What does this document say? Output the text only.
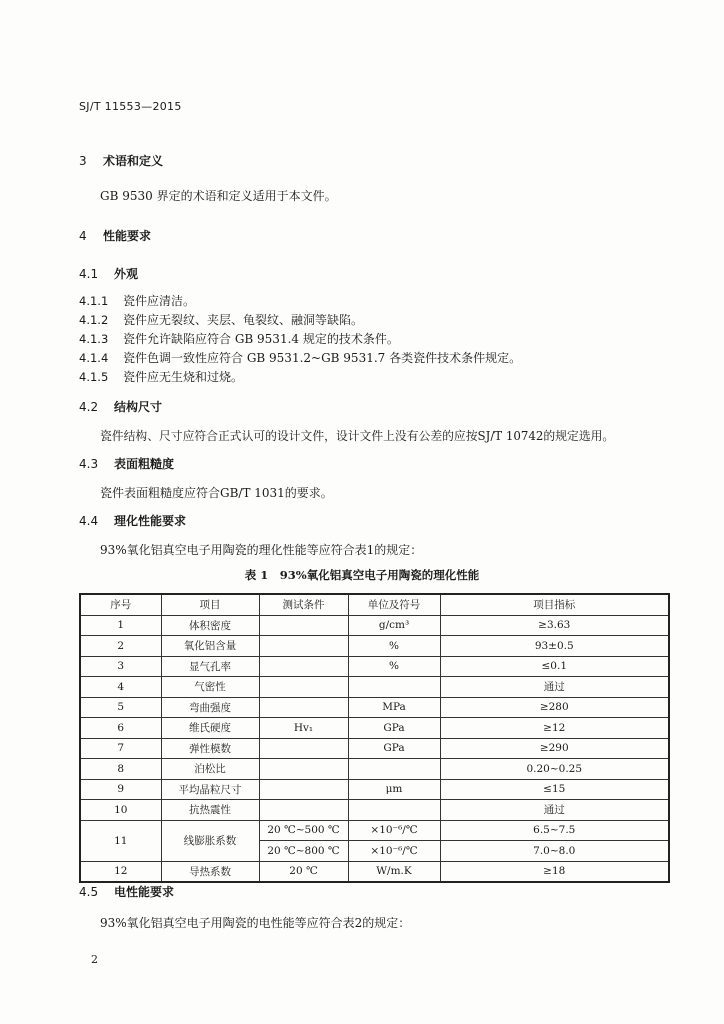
SJ/T 11553—2015
3 术语和定义
GB 9530 界定的术语和定义适用于本文件。
4 性能要求
4.1 外观
4.1.1 瓷件应清洁。
4.1.2 瓷件应无裂纹、夹层、龟裂纹、融洞等缺陷。
4.1.3 瓷件允许缺陷应符合 GB 9531.4 规定的技术条件。
4.1.4 瓷件色调一致性应符合 GB 9531.2~GB 9531.7 各类瓷件技术条件规定。
4.1.5 瓷件应无生烧和过烧。
4.2 结构尺寸
瓷件结构、尺寸应符合正式认可的设计文件，设计文件上没有公差的应按SJ/T 10742的规定选用。
4.3 表面粗糙度
瓷件表面粗糙度应符合GB/T 1031的要求。
4.4 理化性能要求
93%氧化铝真空电子用陶瓷的理化性能等应符合表1的规定：
表 1　93%氧化铝真空电子用陶瓷的理化性能
序号	项目	测试条件	单位及符号	项目指标
1	体积密度		g/cm³	≥3.63
2	氧化铝含量		%	93±0.5
3	显气孔率		%	≤0.1
4	气密性			通过
5	弯曲强度		MPa	≥280
6	维氏硬度	Hv₁	GPa	≥12
7	弹性模数		GPa	≥290
8	泊松比			0.20~0.25
9	平均晶粒尺寸		μm	≤15
10	抗热震性			通过
11	线膨胀系数	20 ℃~500 ℃	×10⁻⁶/℃	6.5~7.5
		20 ℃~800 ℃	×10⁻⁶/℃	7.0~8.0
12	导热系数	20 ℃	W/m.K	≥18
4.5 电性能要求
93%氧化铝真空电子用陶瓷的电性能等应符合表2的规定：
2
